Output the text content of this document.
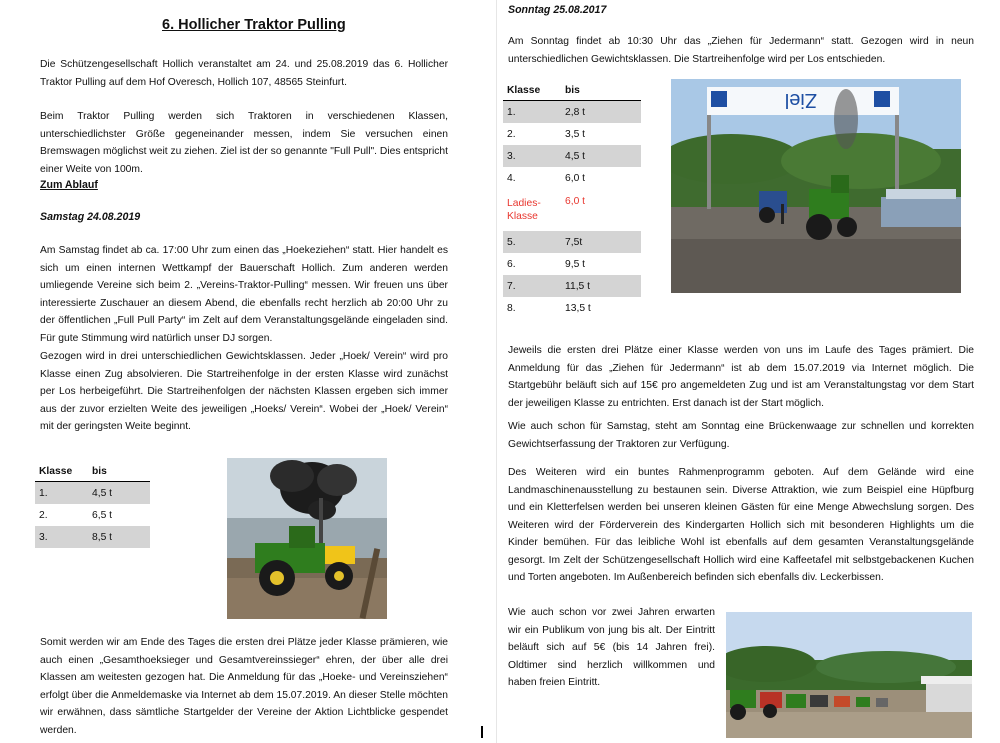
6. Hollicher Traktor Pulling

Die Schützengesellschaft Hollich veranstaltet am 24. und 25.08.2019 das 6. Hollicher Traktor Pulling auf dem Hof Overesch, Hollich 107, 48565 Steinfurt.

Beim Traktor Pulling werden sich Traktoren in verschiedenen Klassen, unterschiedlichster Größe gegeneinander messen, indem Sie versuchen einen Bremswagen möglichst weit zu ziehen. Ziel ist der so genannte "Full Pull". Dies entspricht einer Weite von 100m.

Zum Ablauf
Samstag 24.08.2019

Am Samstag findet ab ca. 17:00 Uhr zum einen das „Hoekeziehen“ statt. Hier handelt es sich um einen internen Wettkampf der Bauerschaft Hollich. Zum anderen werden umliegende Vereine sich beim 2. „Vereins-Traktor-Pulling“ messen. Wir freuen uns über interessierte Zuschauer an diesem Abend, die ebenfalls recht herzlich ab 20:00 Uhr zu der öffentlichen „Full Pull Party“ im Zelt auf dem Veranstaltungsgelände eingeladen sind. Für gute Stimmung wird natürlich unser DJ sorgen.

Gezogen wird in drei unterschiedlichen Gewichtsklassen. Jeder „Hoek/ Verein“ wird pro Klasse einen Zug absolvieren. Die Startreihenfolge in der ersten Klasse wird zunächst per Los herbeigeführt. Die Startreihenfolgen der nächsten Klassen ergeben sich immer aus der zuvor erzielten Weite des jeweiligen „Hoeks/ Verein“. Wobei der „Hoek/ Verein“ mit der geringsten Weite beginnt.

Klasse	bis
1.	4,5 t
2.	6,5 t
3.	8,5 t

Somit werden wir am Ende des Tages die ersten drei Plätze jeder Klasse prämieren, wie auch einen „Gesamthoeksieger und Gesamtvereinssieger“ ehren, der über alle drei Klassen am weitesten gezogen hat. Die Anmeldung für das „Hoeke- und Vereinsziehen“ erfolgt über die Anmeldemaske via Internet ab dem 15.07.2019. An dieser Stelle möchten wir erwähnen, dass sämtliche Startgelder der Vereine der Aktion Lichtblicke gespendet werden.

Sonntag 25.08.2017

Am Sonntag findet ab 10:30 Uhr das „Ziehen für Jedermann“ statt. Gezogen wird in neun unterschiedlichen Gewichtsklassen. Die Startreihenfolge wird per Los entschieden.

Klasse	bis
1.	2,8 t
2.	3,5 t
3.	4,5 t
4.	6,0 t
Ladies-Klasse	6,0 t
5.	7,5t
6.	9,5 t
7.	11,5 t
8.	13,5 t
Ziel

Jeweils die ersten drei Plätze einer Klasse werden von uns im Laufe des Tages prämiert. Die Anmeldung für das „Ziehen für Jedermann“ ist ab dem 15.07.2019 via Internet möglich. Die Startgebühr beläuft sich auf 15€ pro angemeldeten Zug und ist am Veranstaltungstag vor dem Start der jeweiligen Klasse zu entrichten. Erst danach ist der Start möglich.

Wie auch schon für Samstag, steht am Sonntag eine Brückenwaage zur schnellen und korrekten Gewichtserfassung der Traktoren zur Verfügung.

Des Weiteren wird ein buntes Rahmenprogramm geboten. Auf dem Gelände wird eine Landmaschinenausstellung zu bestaunen sein. Diverse Attraktion, wie zum Beispiel eine Hüpfburg und ein Kletterfelsen werden bei unseren kleinen Gästen für eine Menge Abwechslung sorgen. Des Weiteren wird der Förderverein des Kindergarten Hollich sich mit besonderen Highlights um die Kinder bemühen. Für das leibliche Wohl ist ebenfalls auf dem gesamten Veranstaltungsgelände gesorgt. Im Zelt der Schützengesellschaft Hollich wird eine Kaffeetafel mit selbstgebackenen Kuchen und Torten angeboten. Im Außenbereich befinden sich ebenfalls div. Leckerbissen.

Wie auch schon vor zwei Jahren erwarten wir ein Publikum von jung bis alt. Der Eintritt beläuft sich auf 5€ (bis 14 Jahren frei). Oldtimer sind herzlich willkommen und haben freien Eintritt.
